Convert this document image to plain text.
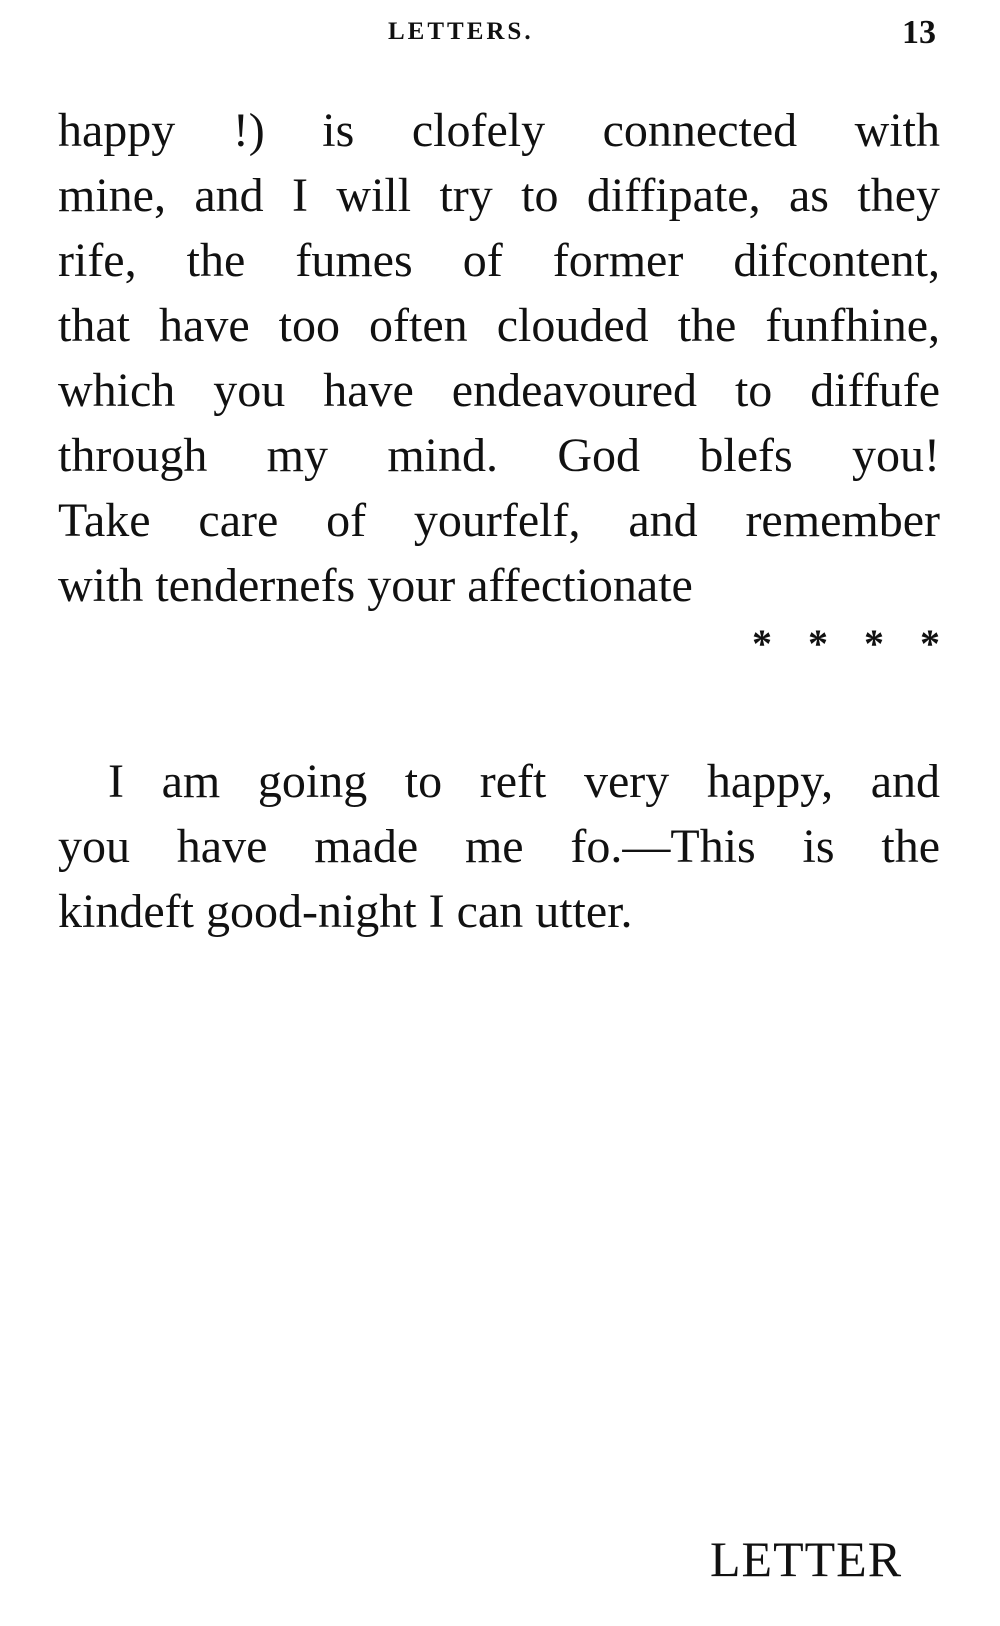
LETTERS.	13
happy !) is clofely connected with
mine, and I will try to diffipate, as they
rife, the fumes of former difcontent,
that have too often clouded the funfhine,
which you have endeavoured to diffufe
through my mind. God blefs you!
Take care of yourfelf, and remember
with tendernefs your affectionate
* * * *
I am going to reft very happy, and
you have made me fo.—This is the
kindeft good-night I can utter.
LETTER
